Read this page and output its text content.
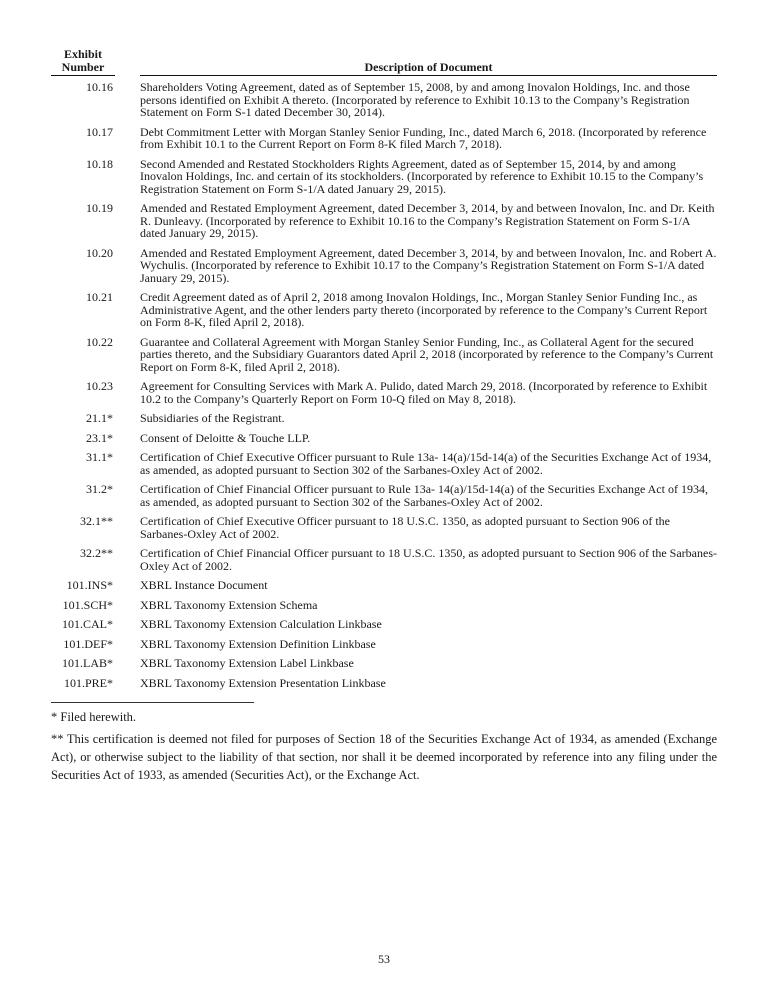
Exhibit
Number	Description of Document
10.16 Shareholders Voting Agreement, dated as of September 15, 2008, by and among Inovalon Holdings, Inc. and those persons identified on Exhibit A thereto. (Incorporated by reference to Exhibit 10.13 to the Company’s Registration Statement on Form S-1 dated December 30, 2014).
10.17 Debt Commitment Letter with Morgan Stanley Senior Funding, Inc., dated March 6, 2018. (Incorporated by reference from Exhibit 10.1 to the Current Report on Form 8-K filed March 7, 2018).
10.18 Second Amended and Restated Stockholders Rights Agreement, dated as of September 15, 2014, by and among Inovalon Holdings, Inc. and certain of its stockholders. (Incorporated by reference to Exhibit 10.15 to the Company’s Registration Statement on Form S-1/A dated January 29, 2015).
10.19 Amended and Restated Employment Agreement, dated December 3, 2014, by and between Inovalon, Inc. and Dr. Keith R. Dunleavy. (Incorporated by reference to Exhibit 10.16 to the Company’s Registration Statement on Form S-1/A dated January 29, 2015).
10.20 Amended and Restated Employment Agreement, dated December 3, 2014, by and between Inovalon, Inc. and Robert A. Wychulis. (Incorporated by reference to Exhibit 10.17 to the Company’s Registration Statement on Form S-1/A dated January 29, 2015).
10.21 Credit Agreement dated as of April 2, 2018 among Inovalon Holdings, Inc., Morgan Stanley Senior Funding Inc., as Administrative Agent, and the other lenders party thereto (incorporated by reference to the Company’s Current Report on Form 8-K, filed April 2, 2018).
10.22 Guarantee and Collateral Agreement with Morgan Stanley Senior Funding, Inc., as Collateral Agent for the secured parties thereto, and the Subsidiary Guarantors dated April 2, 2018 (incorporated by reference to the Company’s Current Report on Form 8-K, filed April 2, 2018).
10.23 Agreement for Consulting Services with Mark A. Pulido, dated March 29, 2018. (Incorporated by reference to Exhibit 10.2 to the Company’s Quarterly Report on Form 10-Q filed on May 8, 2018).
21.1* Subsidiaries of the Registrant.
23.1* Consent of Deloitte & Touche LLP.
31.1* Certification of Chief Executive Officer pursuant to Rule 13a- 14(a)/15d-14(a) of the Securities Exchange Act of 1934, as amended, as adopted pursuant to Section 302 of the Sarbanes-Oxley Act of 2002.
31.2* Certification of Chief Financial Officer pursuant to Rule 13a- 14(a)/15d-14(a) of the Securities Exchange Act of 1934, as amended, as adopted pursuant to Section 302 of the Sarbanes-Oxley Act of 2002.
32.1** Certification of Chief Executive Officer pursuant to 18 U.S.C. 1350, as adopted pursuant to Section 906 of the Sarbanes-Oxley Act of 2002.
32.2** Certification of Chief Financial Officer pursuant to 18 U.S.C. 1350, as adopted pursuant to Section 906 of the Sarbanes-Oxley Act of 2002.
101.INS* XBRL Instance Document
101.SCH* XBRL Taxonomy Extension Schema
101.CAL* XBRL Taxonomy Extension Calculation Linkbase
101.DEF* XBRL Taxonomy Extension Definition Linkbase
101.LAB* XBRL Taxonomy Extension Label Linkbase
101.PRE* XBRL Taxonomy Extension Presentation Linkbase

* Filed herewith.

** This certification is deemed not filed for purposes of Section 18 of the Securities Exchange Act of 1934, as amended (Exchange Act), or otherwise subject to the liability of that section, nor shall it be deemed incorporated by reference into any filing under the Securities Act of 1933, as amended (Securities Act), or the Exchange Act.

53
